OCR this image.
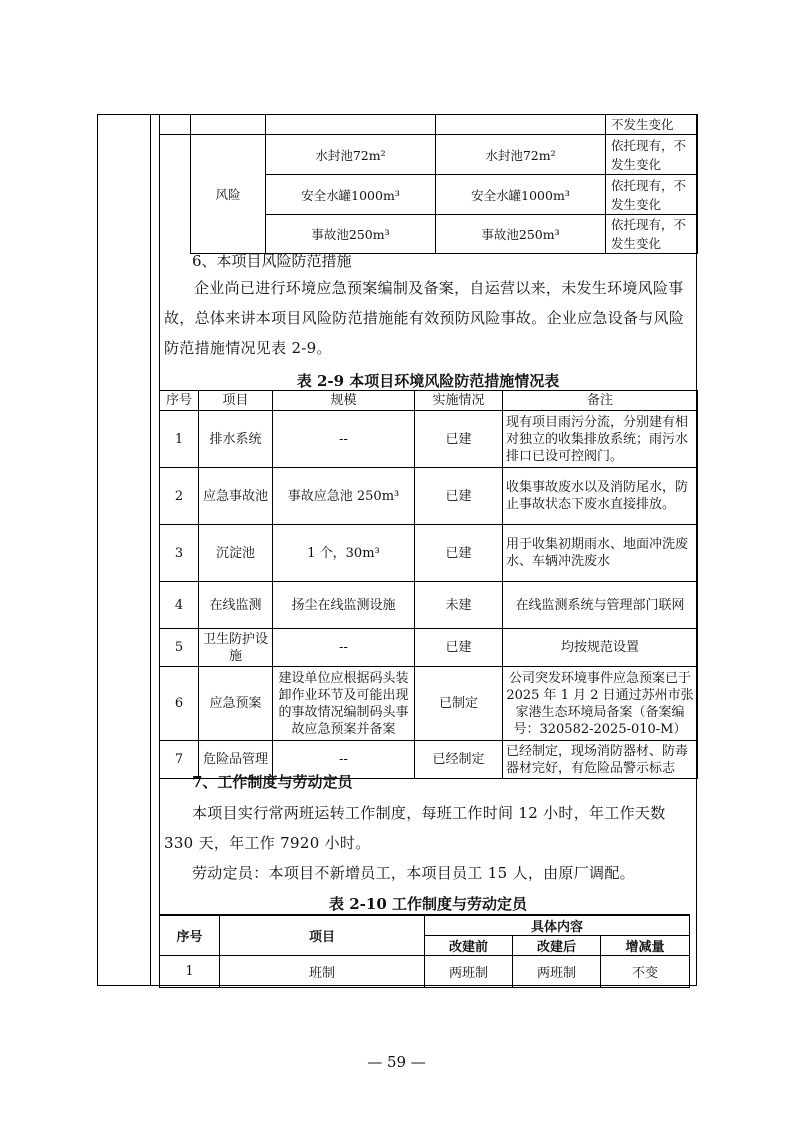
				不发生变化
	风险	水封池72m²	水封池72m²	依托现有，不发生变化
		安全水罐1000m³	安全水罐1000m³	依托现有，不发生变化
		事故池250m³	事故池250m³	依托现有，不发生变化
6、本项目风险防范措施
企业尚已进行环境应急预案编制及备案，自运营以来，未发生环境风险事故，总体来讲本项目风险防范措施能有效预防风险事故。企业应急设备与风险防范措施情况见表 2-9。
表 2-9 本项目环境风险防范措施情况表
序号	项目	规模	实施情况	备注
1	排水系统	--	已建	现有项目雨污分流，分别建有相对独立的收集排放系统；雨污水排口已设可控阀门。
2	应急事故池	事故应急池 250m³	已建	收集事故废水以及消防尾水，防止事故状态下废水直接排放。
3	沉淀池	1 个，30m³	已建	用于收集初期雨水、地面冲洗废水、车辆冲洗废水
4	在线监测	扬尘在线监测设施	未建	在线监测系统与管理部门联网
5	卫生防护设施	--	已建	均按规范设置
6	应急预案	建设单位应根据码头装卸作业环节及可能出现的事故情况编制码头事故应急预案并备案	已制定	公司突发环境事件应急预案已于 2025 年 1 月 2 日通过苏州市张家港生态环境局备案（备案编号：320582-2025-010-M）
7	危险品管理	--	已经制定	已经制定，现场消防器材、防毒器材完好，有危险品警示标志
7、工作制度与劳动定员
本项目实行常两班运转工作制度，每班工作时间 12 小时，年工作天数 330 天，年工作 7920 小时。
劳动定员：本项目不新增员工，本项目员工 15 人，由原厂调配。
表 2-10 工作制度与劳动定员
序号	项目	具体内容		
		改建前	改建后	增减量
1	班制	两班制	两班制	不变
— 59 —
